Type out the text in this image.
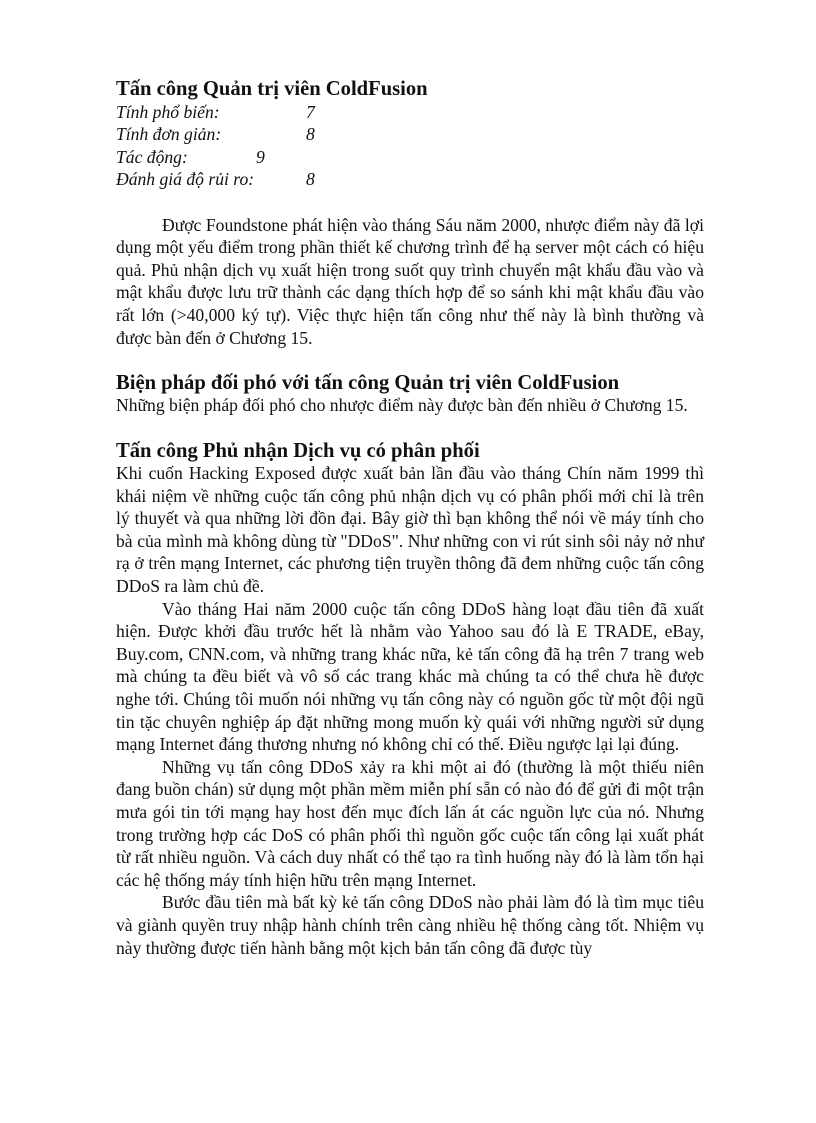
Tấn công Quản trị viên ColdFusion
Tính phổ biến:	7
Tính đơn giản:	8
Tác động:	9
Đánh giá độ rủi ro:	8

Được Foundstone phát hiện vào tháng Sáu năm 2000, nhược điểm này đã lợi dụng một yếu điểm trong phần thiết kế chương trình để hạ server một cách có hiệu quả. Phủ nhận dịch vụ xuất hiện trong suốt quy trình chuyển mật khẩu đầu vào và mật khẩu được lưu trữ thành các dạng thích hợp để so sánh khi mật khẩu đầu vào rất lớn (>40,000 ký tự). Việc thực hiện tấn công như thế này là bình thường và được bàn đến ở Chương 15.

Biện pháp đối phó với tấn công Quản trị viên ColdFusion

Những biện pháp đối phó cho nhược điểm này được bàn đến nhiều ở Chương 15.

Tấn công Phủ nhận Dịch vụ có phân phối

Khi cuốn Hacking Exposed được xuất bản lần đầu vào tháng Chín năm 1999 thì khái niệm về những cuộc tấn công phủ nhận dịch vụ có phân phối mới chỉ là trên lý thuyết và qua những lời đồn đại. Bây giờ thì bạn không thể nói về máy tính cho bà của mình mà không dùng từ "DDoS". Như những con vi rút sinh sôi nảy nở như rạ ở trên mạng Internet, các phương tiện truyền thông đã đem những cuộc tấn công DDoS ra làm chủ đề.

Vào tháng Hai năm 2000 cuộc tấn công DDoS hàng loạt đầu tiên đã xuất hiện. Được khởi đầu trước hết là nhằm vào Yahoo sau đó là E TRADE, eBay, Buy.com, CNN.com, và những trang khác nữa, kẻ tấn công đã hạ trên 7 trang web mà chúng ta đều biết và vô số các trang khác mà chúng ta có thể chưa hề được nghe tới. Chúng tôi muốn nói những vụ tấn công này có nguồn gốc từ một đội ngũ tin tặc chuyên nghiệp áp đặt những mong muốn kỳ quái với những người sử dụng mạng Internet đáng thương nhưng nó không chỉ có thế. Điều ngược lại lại đúng.

Những vụ tấn công DDoS xảy ra khi một ai đó (thường là một thiếu niên đang buồn chán) sử dụng một phần mềm miễn phí sẵn có nào đó để gửi đi một trận mưa gói tin tới mạng hay host đến mục đích lấn át các nguồn lực của nó. Nhưng trong trường hợp các DoS có phân phối thì nguồn gốc cuộc tấn công lại xuất phát từ rất nhiều nguồn. Và cách duy nhất có thể tạo ra tình huống này đó là làm tổn hại các hệ thống máy tính hiện hữu trên mạng Internet.

Bước đầu tiên mà bất kỳ kẻ tấn công DDoS nào phải làm đó là tìm mục tiêu và giành quyền truy nhập hành chính trên càng nhiều hệ thống càng tốt. Nhiệm vụ này thường được tiến hành bằng một kịch bản tấn công đã được tùy
